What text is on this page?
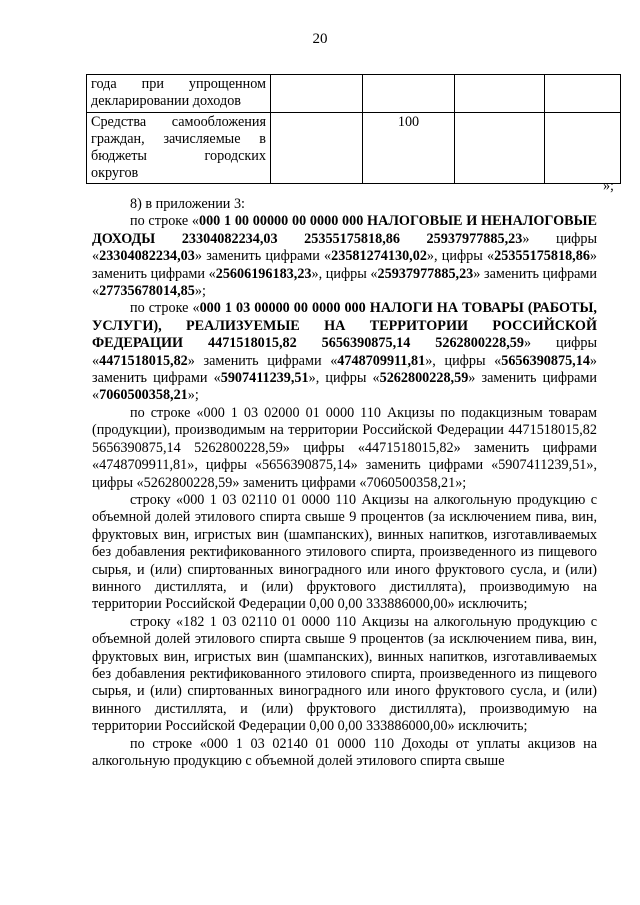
20
года при упрощенном
декларировании доходов				

Средства самообложения
граждан, зачисляемые в
бюджеты городских
округов		100		
»;

8) в приложении 3:

по строке «000 1 00 00000 00 0000 000 НАЛОГОВЫЕ И НЕНАЛОГОВЫЕ ДОХОДЫ 23304082234,03 25355175818,86 25937977885,23» цифры «23304082234,03» заменить цифрами «23581274130,02», цифры «25355175818,86» заменить цифрами «25606196183,23», цифры «25937977885,23» заменить цифрами «27735678014,85»;

по строке «000 1 03 00000 00 0000 000 НАЛОГИ НА ТОВАРЫ (РАБОТЫ, УСЛУГИ), РЕАЛИЗУЕМЫЕ НА ТЕРРИТОРИИ РОССИЙСКОЙ ФЕДЕРАЦИИ 4471518015,82 5656390875,14 5262800228,59» цифры «4471518015,82» заменить цифрами «4748709911,81», цифры «5656390875,14» заменить цифрами «5907411239,51», цифры «5262800228,59» заменить цифрами «7060500358,21»;

по строке «000 1 03 02000 01 0000 110 Акцизы по подакцизным товарам (продукции), производимым на территории Российской Федерации 4471518015,82 5656390875,14 5262800228,59» цифры «4471518015,82» заменить цифрами «4748709911,81», цифры «5656390875,14» заменить цифрами «5907411239,51», цифры «5262800228,59» заменить цифрами «7060500358,21»;

строку «000 1 03 02110 01 0000 110 Акцизы на алкогольную продукцию с объемной долей этилового спирта свыше 9 процентов (за исключением пива, вин, фруктовых вин, игристых вин (шампанских), винных напитков, изготавливаемых без добавления ректификованного этилового спирта, произведенного из пищевого сырья, и (или) спиртованных виноградного или иного фруктового сусла, и (или) винного дистиллята, и (или) фруктового дистиллята), производимую на территории Российской Федерации 0,00 0,00 333886000,00» исключить;

строку «182 1 03 02110 01 0000 110 Акцизы на алкогольную продукцию с объемной долей этилового спирта свыше 9 процентов (за исключением пива, вин, фруктовых вин, игристых вин (шампанских), винных напитков, изготавливаемых без добавления ректификованного этилового спирта, произведенного из пищевого сырья, и (или) спиртованных виноградного или иного фруктового сусла, и (или) винного дистиллята, и (или) фруктового дистиллята), производимую на территории Российской Федерации 0,00 0,00 333886000,00» исключить;

по строке «000 1 03 02140 01 0000 110 Доходы от уплаты акцизов на алкогольную продукцию с объемной долей этилового спирта свыше
